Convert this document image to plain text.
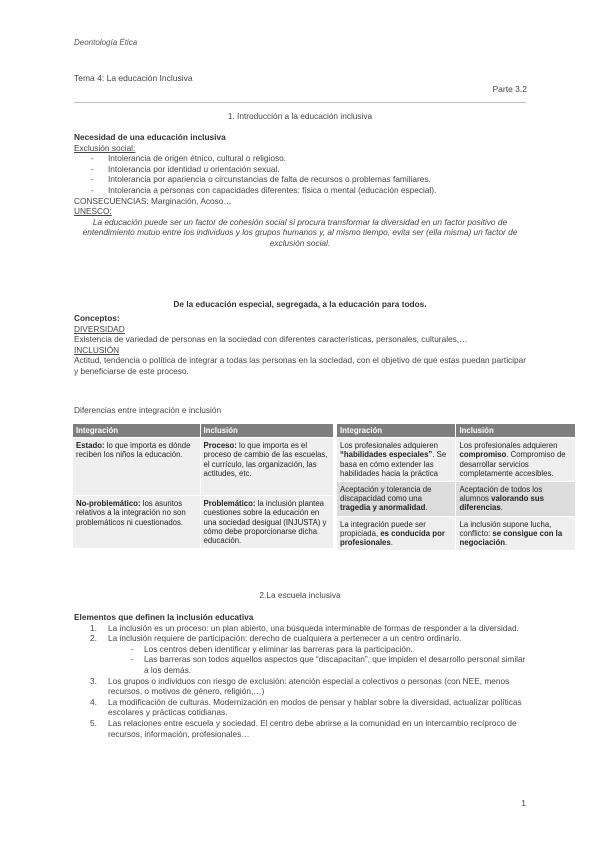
Deontología Ética
Tema 4: La educación Inclusiva
Parte 3.2
1. Introducción a la educación inclusiva
Necesidad de una educación inclusiva
Exclusión social:
- Intolerancia de origen étnico, cultural o religioso.
- Intolerancia por identidad u orientación sexual.
- Intolerancia por apariencia o circunstancias de falta de recursos o problemas familiares.
- Intolerancia a personas con capacidades diferentes: física o mental (educación especial).
CONSECUENCIAS: Marginación, Acoso…
UNESCO:
La educación puede ser un factor de cohesión social si procura transformar la diversidad en un factor positivo de entendimiento mutuo entre los individuos y los grupos humanos y, al mismo tiempo, evita ser (ella misma) un factor de exclusión social.
De la educación especial, segregada, a la educación para todos.
Conceptos:
DIVERSIDAD
Existencia de variedad de personas en la sociedad con diferentes características, personales, culturales,…
INCLUSIÓN
Actitud, tendencia o política de integrar a todas las personas en la sociedad, con el objetivo de que estas puedan participar y beneficiarse de este proceso.
Diferencias entre integración e inclusión
Integración	Inclusión
Estado: lo que importa es dónde reciben los niños la educación.	Proceso: lo que importa es el proceso de cambio de las escuelas, el currículo, las organización, las actitudes, etc.
No-problemático: los asuntos relativos a la integración no son problemáticos ni cuestionados.	Problemático: la inclusión plantea cuestiones sobre la educación en una sociedad desigual (INJUSTA) y cómo debe proporcionarse dicha educación.
Integración	Inclusión
Los profesionales adquieren “habilidades especiales”. Se basa en cómo extender las habilidades hacia la práctica	Los profesionales adquieren compromiso. Compromiso de desarrollar servicios completamente accesibles.
Aceptación y tolerancia de discapacidad como una tragedia y anormalidad.	Aceptación de todos los alumnos valorando sus diferencias.
La integración puede ser propiciada, es conducida por profesionales.	La inclusión supone lucha, conflicto: se consigue con la negociación.
2.La escuela inclusiva
Elementos que definen la inclusión educativa
1. La inclusión es un proceso: un plan abierto, una búsqueda interminable de formas de responder a la diversidad.
2. La inclusión requiere de participación: derecho de cualquiera a pertenecer a un centro ordinario.
- Los centros deben identificar y eliminar las barreras para la participación.
- Las barreras son todos aquellos aspectos que “discapacitan”, que impiden el desarrollo personal similar a los demás.
3. Los grupos o individuos con riesgo de exclusión: atención especial a colectivos o personas (con NEE, menos recursos, o motivos de género, religión,…)
4. La modificación de culturas. Modernización en modos de pensar y hablar sobre la diversidad, actualizar políticas escolares y prácticas cotidianas.
5. Las relaciones entre escuela y sociedad. El centro debe abrirse a la comunidad en un intercambio recíproco de recursos, información, profesionales…
1
